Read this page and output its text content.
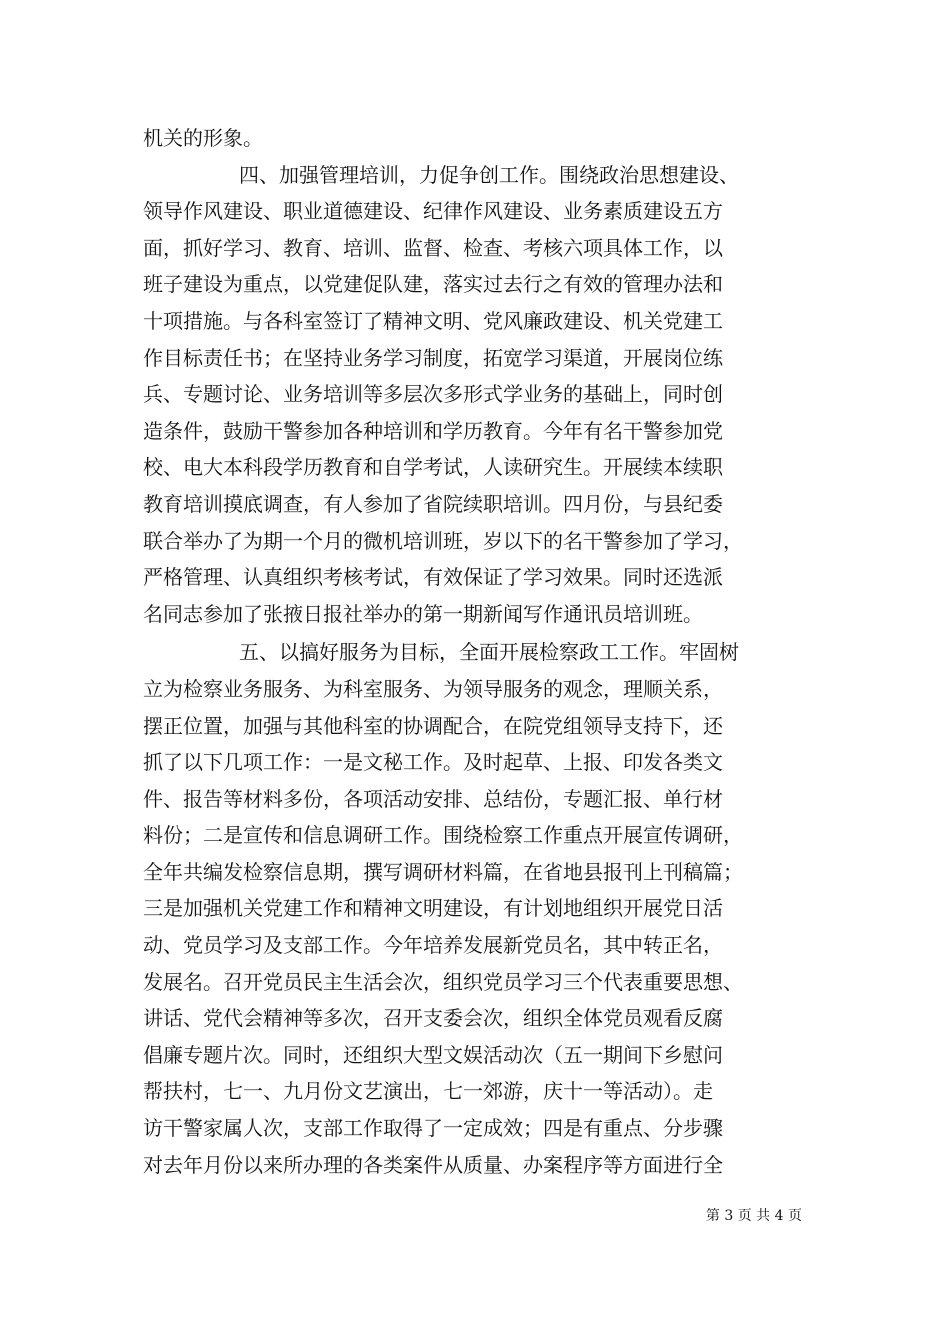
机关的形象。
四、加强管理培训，力促争创工作。围绕政治思想建设、
领导作风建设、职业道德建设、纪律作风建设、业务素质建设五方
面，抓好学习、教育、培训、监督、检查、考核六项具体工作，以
班子建设为重点，以党建促队建，落实过去行之有效的管理办法和
十项措施。与各科室签订了精神文明、党风廉政建设、机关党建工
作目标责任书；在坚持业务学习制度，拓宽学习渠道，开展岗位练
兵、专题讨论、业务培训等多层次多形式学业务的基础上，同时创
造条件，鼓励干警参加各种培训和学历教育。今年有名干警参加党
校、电大本科段学历教育和自学考试，人读研究生。开展续本续职
教育培训摸底调查，有人参加了省院续职培训。四月份，与县纪委
联合举办了为期一个月的微机培训班，岁以下的名干警参加了学习，
严格管理、认真组织考核考试，有效保证了学习效果。同时还选派
名同志参加了张掖日报社举办的第一期新闻写作通讯员培训班。
五、以搞好服务为目标，全面开展检察政工工作。牢固树
立为检察业务服务、为科室服务、为领导服务的观念，理顺关系，
摆正位置，加强与其他科室的协调配合，在院党组领导支持下，还
抓了以下几项工作：一是文秘工作。及时起草、上报、印发各类文
件、报告等材料多份，各项活动安排、总结份，专题汇报、单行材
料份；二是宣传和信息调研工作。围绕检察工作重点开展宣传调研，
全年共编发检察信息期，撰写调研材料篇，在省地县报刊上刊稿篇；
三是加强机关党建工作和精神文明建设，有计划地组织开展党日活
动、党员学习及支部工作。今年培养发展新党员名，其中转正名，
发展名。召开党员民主生活会次，组织党员学习三个代表重要思想、
讲话、党代会精神等多次，召开支委会次，组织全体党员观看反腐
倡廉专题片次。同时，还组织大型文娱活动次（五一期间下乡慰问
帮扶村，七一、九月份文艺演出，七一郊游，庆十一等活动）。走
访干警家属人次，支部工作取得了一定成效；四是有重点、分步骤
对去年月份以来所办理的各类案件从质量、办案程序等方面进行全
第 3 页 共 4 页
